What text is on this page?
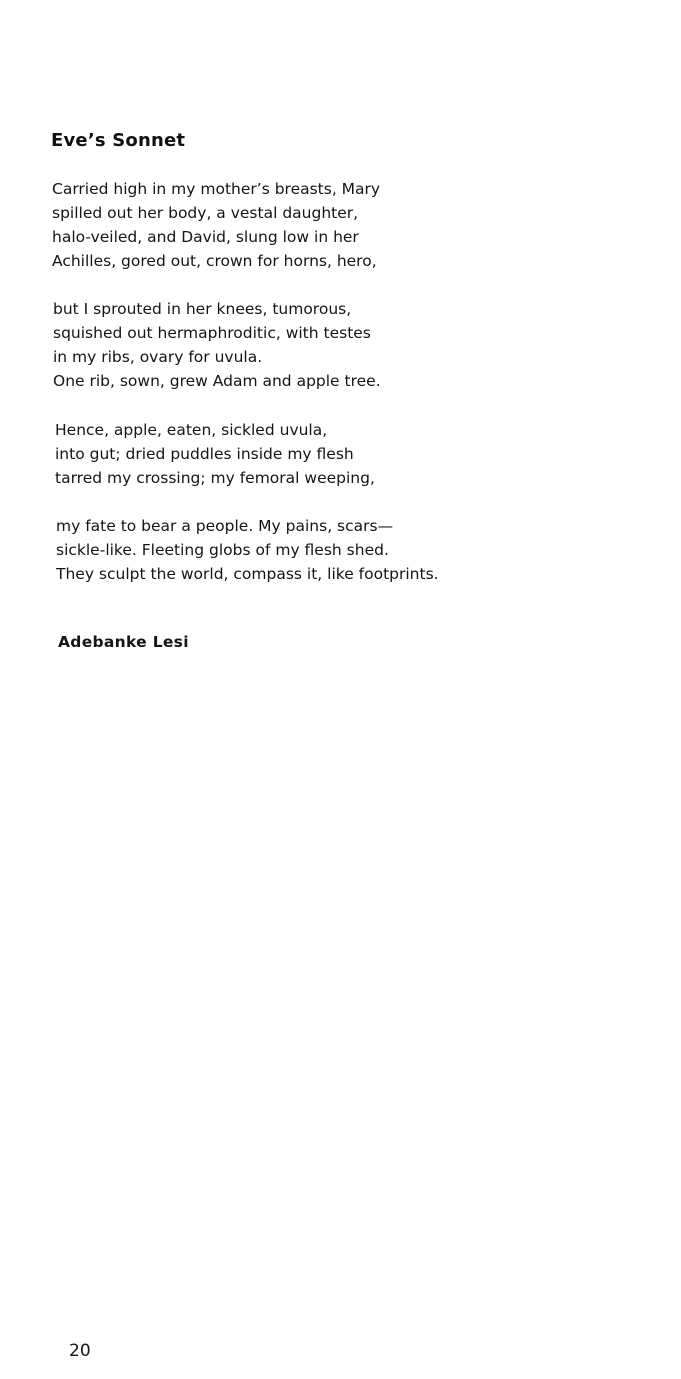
Eve’s Sonnet
Carried high in my mother’s breasts, Mary
spilled out her body, a vestal daughter,
halo-veiled, and David, slung low in her
Achilles, gored out, crown for horns, hero,
but I sprouted in her knees, tumorous,
squished out hermaphroditic, with testes
in my ribs, ovary for uvula.
One rib, sown, grew Adam and apple tree.
Hence, apple, eaten, sickled uvula,
into gut; dried puddles inside my flesh
tarred my crossing; my femoral weeping,
my fate to bear a people. My pains, scars—
sickle-like. Fleeting globs of my flesh shed.
They sculpt the world, compass it, like footprints.

Adebanke Lesi

20
